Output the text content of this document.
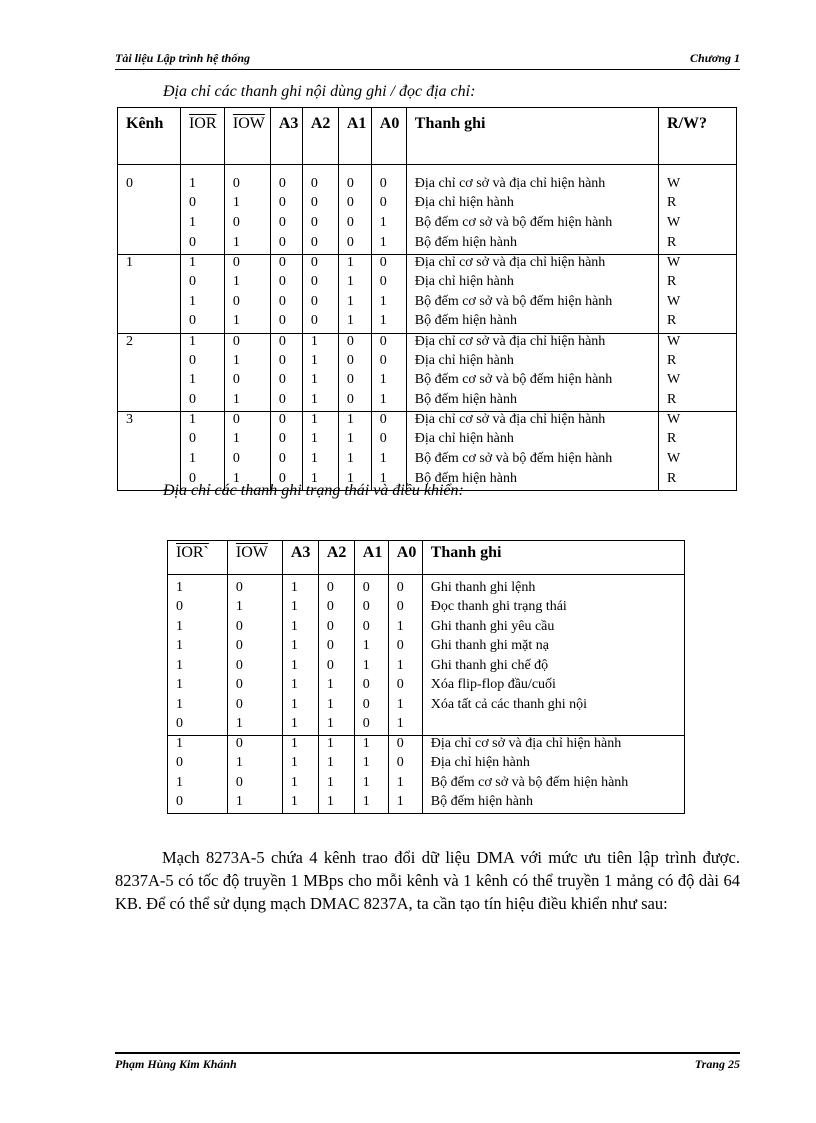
Tài liệu Lập trình hệ thống	Chương 1
Địa chỉ các thanh ghi nội dùng ghi / đọc địa chỉ:
Kênh	$\overline{IOR}$	$\overline{IOW}$	A3	A2	A1	A0	Thanh ghi	R/W?
0	1	0	0	0	0	0	Địa chỉ cơ sở và địa chỉ hiện hành	W
	0	1	0	0	0	0	Địa chỉ hiện hành	R
	1	0	0	0	0	1	Bộ đếm cơ sở và bộ đếm hiện hành	W
	0	1	0	0	0	1	Bộ đếm hiện hành	R
1	1	0	0	0	1	0	Địa chỉ cơ sở và địa chỉ hiện hành	W
	0	1	0	0	1	0	Địa chỉ hiện hành	R
	1	0	0	0	1	1	Bộ đếm cơ sở và bộ đếm hiện hành	W
	0	1	0	0	1	1	Bộ đếm hiện hành	R
2	1	0	0	1	0	0	Địa chỉ cơ sở và địa chỉ hiện hành	W
	0	1	0	1	0	0	Địa chỉ hiện hành	R
	1	0	0	1	0	1	Bộ đếm cơ sở và bộ đếm hiện hành	W
	0	1	0	1	0	1	Bộ đếm hiện hành	R
3	1	0	0	1	1	0	Địa chỉ cơ sở và địa chỉ hiện hành	W
	0	1	0	1	1	0	Địa chỉ hiện hành	R
	1	0	0	1	1	1	Bộ đếm cơ sở và bộ đếm hiện hành	W
	0	1	0	1	1	1	Bộ đếm hiện hành	R
Địa chỉ các thanh ghi trạng thái và điều khiển:
IOR`	$\overline{IOW}$	A3	A2	A1	A0	Thanh ghi
1	0	1	0	0	0	Ghi thanh ghi lệnh
0	1	1	0	0	0	Đọc thanh ghi trạng thái
1	0	1	0	0	1	Ghi thanh ghi yêu cầu
1	0	1	0	1	0	Ghi thanh ghi mặt nạ
1	0	1	0	1	1	Ghi thanh ghi chế độ
1	0	1	1	0	0	Xóa flip-flop đầu/cuối
1	0	1	1	0	1	Xóa tất cả các thanh ghi nội
0	1	1	1	0	1	
1	0	1	1	1	0	Địa chỉ cơ sở và địa chỉ hiện hành
0	1	1	1	1	0	Địa chỉ hiện hành
1	0	1	1	1	1	Bộ đếm cơ sở và bộ đếm hiện hành
0	1	1	1	1	1	Bộ đếm hiện hành
Mạch 8273A-5 chứa 4 kênh trao đổi dữ liệu DMA với mức ưu tiên lập trình được. 8237A-5 có tốc độ truyền 1 MBps cho mỗi kênh và 1 kênh có thể truyền 1 mảng có độ dài 64 KB. Để có thể sử dụng mạch DMAC 8237A, ta cần tạo tín hiệu điều khiển như sau:
Phạm Hùng Kim Khánh	Trang 25
